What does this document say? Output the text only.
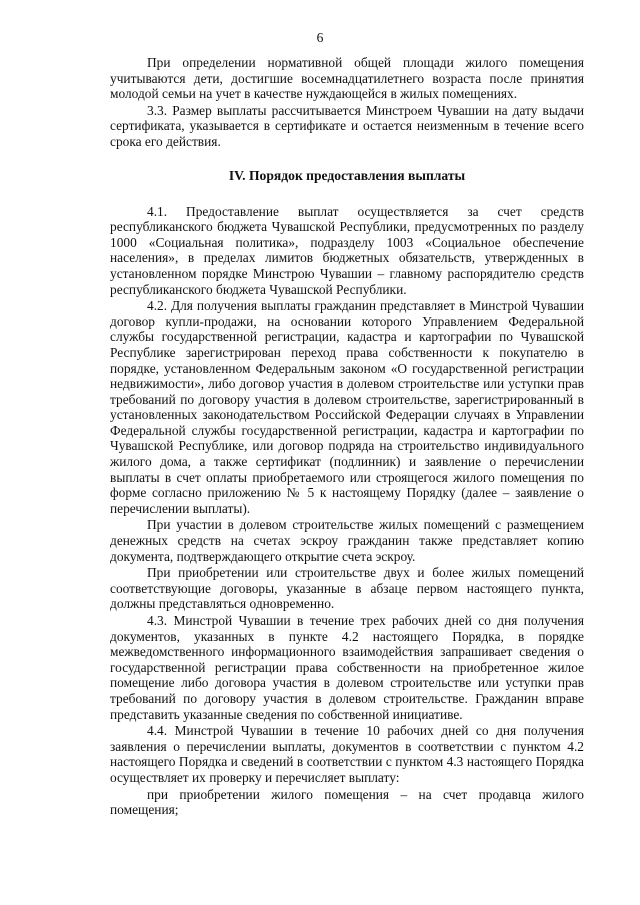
6

При определении нормативной общей площади жилого помещения учитываются дети, достигшие восемнадцатилетнего возраста после принятия молодой семьи на учет в качестве нуждающейся в жилых помещениях.

3.3. Размер выплаты рассчитывается Минстроем Чувашии на дату выдачи сертификата, указывается в сертификате и остается неизменным в течение всего срока его действия.

IV. Порядок предоставления выплаты

4.1. Предоставление выплат осуществляется за счет средств республиканского бюджета Чувашской Республики, предусмотренных по разделу 1000 «Социальная политика», подразделу 1003 «Социальное обеспечение населения», в пределах лимитов бюджетных обязательств, утвержденных в установленном порядке Минстрою Чувашии – главному распорядителю средств республиканского бюджета Чувашской Республики.

4.2. Для получения выплаты гражданин представляет в Минстрой Чувашии договор купли-продажи, на основании которого Управлением Федеральной службы государственной регистрации, кадастра и картографии по Чувашской Республике зарегистрирован переход права собственности к покупателю в порядке, установленном Федеральным законом «О государственной регистрации недвижимости», либо договор участия в долевом строительстве или уступки прав требований по договору участия в долевом строительстве, зарегистрированный в установленных законодательством Российской Федерации случаях в Управлении Федеральной службы государственной регистрации, кадастра и картографии по Чувашской Республике, или договор подряда на строительство индивидуального жилого дома, а также сертификат (подлинник) и заявление о перечислении выплаты в счет оплаты приобретаемого или строящегося жилого помещения по форме согласно приложению № 5 к настоящему Порядку (далее – заявление о перечислении выплаты).

При участии в долевом строительстве жилых помещений с размещением денежных средств на счетах эскроу гражданин также представляет копию документа, подтверждающего открытие счета эскроу.

При приобретении или строительстве двух и более жилых помещений соответствующие договоры, указанные в абзаце первом настоящего пункта, должны представляться одновременно.

4.3. Минстрой Чувашии в течение трех рабочих дней со дня получения документов, указанных в пункте 4.2 настоящего Порядка, в порядке межведомственного информационного взаимодействия запрашивает сведения о государственной регистрации права собственности на приобретенное жилое помещение либо договора участия в долевом строительстве или уступки прав требований по договору участия в долевом строительстве. Гражданин вправе представить указанные сведения по собственной инициативе.

4.4. Минстрой Чувашии в течение 10 рабочих дней со дня получения заявления о перечислении выплаты, документов в соответствии с пунктом 4.2 настоящего Порядка и сведений в соответствии с пунктом 4.3 настоящего Порядка осуществляет их проверку и перечисляет выплату:

при приобретении жилого помещения – на счет продавца жилого помещения;
